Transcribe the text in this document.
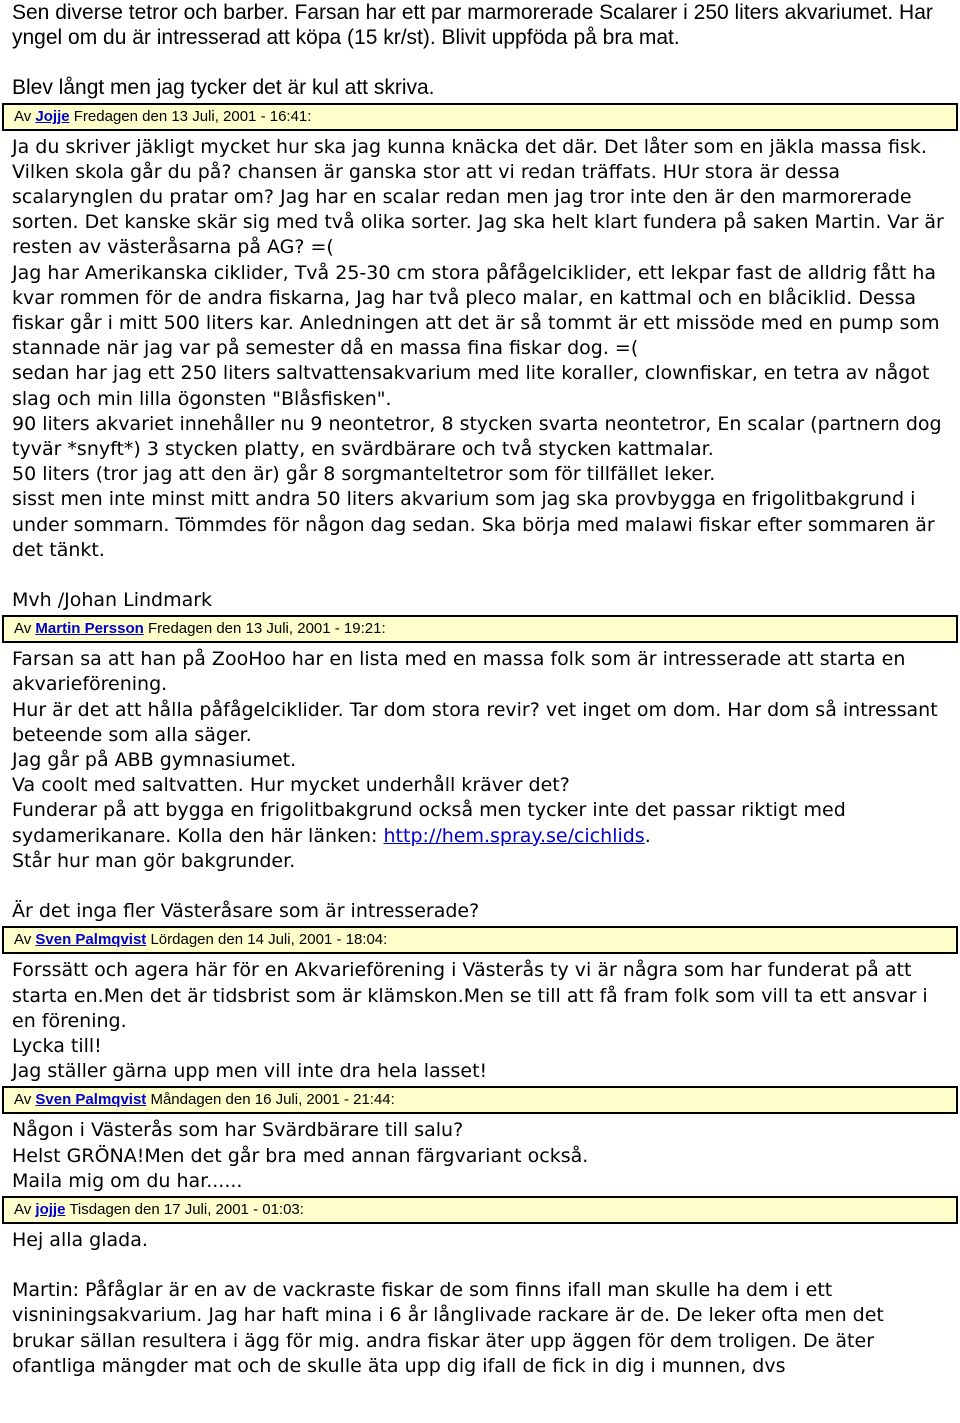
Sen diverse tetror och barber. Farsan har ett par marmorerade Scalarer i 250 liters akvariumet. Har yngel om du är intresserad att köpa (15 kr/st). Blivit uppföda på bra mat.

Blev långt men jag tycker det är kul att skriva.

Av Jojje Fredagen den 13 Juli, 2001 - 16:41:

Ja du skriver jäkligt mycket hur ska jag kunna knäcka det där. Det låter som en jäkla massa fisk. Vilken skola går du på? chansen är ganska stor att vi redan träffats. HUr stora är dessa scalarynglen du pratar om? Jag har en scalar redan men jag tror inte den är den marmorerade sorten. Det kanske skär sig med två olika sorter. Jag ska helt klart fundera på saken Martin. Var är resten av västeråsarna på AG? =(

Jag har Amerikanska ciklider, Två 25-30 cm stora påfågelciklider, ett lekpar fast de alldrig fått ha kvar rommen för de andra fiskarna, Jag har två pleco malar, en kattmal och en blåciklid. Dessa fiskar går i mitt 500 liters kar. Anledningen att det är så tommt är ett missöde med en pump som stannade när jag var på semester då en massa fina fiskar dog. =(

sedan har jag ett 250 liters saltvattensakvarium med lite koraller, clownfiskar, en tetra av något slag och min lilla ögonsten "Blåsfisken".

90 liters akvariet innehåller nu 9 neontetror, 8 stycken svarta neontetror, En scalar (partnern dog tyvär *snyft*) 3 stycken platty, en svärdbärare och två stycken kattmalar.

50 liters (tror jag att den är) går 8 sorgmanteltetror som för tillfället leker.

sisst men inte minst mitt andra 50 liters akvarium som jag ska provbygga en frigolitbakgrund i under sommarn. Tömmdes för någon dag sedan. Ska börja med malawi fiskar efter sommaren är det tänkt.

Mvh /Johan Lindmark

Av Martin Persson Fredagen den 13 Juli, 2001 - 19:21:

Farsan sa att han på ZooHoo har en lista med en massa folk som är intresserade att starta en akvarieförening.

Hur är det att hålla påfågelciklider. Tar dom stora revir? vet inget om dom. Har dom så intressant beteende som alla säger.

Jag går på ABB gymnasiumet.

Va coolt med saltvatten. Hur mycket underhåll kräver det?

Funderar på att bygga en frigolitbakgrund också men tycker inte det passar riktigt med sydamerikanare. Kolla den här länken: http://hem.spray.se/cichlids.

Står hur man gör bakgrunder.

Är det inga fler Västeråsare som är intresserade?

Av Sven Palmqvist Lördagen den 14 Juli, 2001 - 18:04:

Forssätt och agera här för en Akvarieförening i Västerås ty vi är några som har funderat på att starta en.Men det är tidsbrist som är klämskon.Men se till att få fram folk som vill ta ett ansvar i en förening.

Lycka till!

Jag ställer gärna upp men vill inte dra hela lasset!

Av Sven Palmqvist Måndagen den 16 Juli, 2001 - 21:44:

Någon i Västerås som har Svärdbärare till salu?

Helst GRÖNA!Men det går bra med annan färgvariant också.

Maila mig om du har......

Av jojje Tisdagen den 17 Juli, 2001 - 01:03:

Hej alla glada.

Martin: Påfåglar är en av de vackraste fiskar de som finns ifall man skulle ha dem i ett visniningsakvarium. Jag har haft mina i 6 år långlivade rackare är de. De leker ofta men det brukar sällan resultera i ägg för mig. andra fiskar äter upp äggen för dem troligen. De äter ofantliga mängder mat och de skulle äta upp dig ifall de fick in dig i munnen, dvs
